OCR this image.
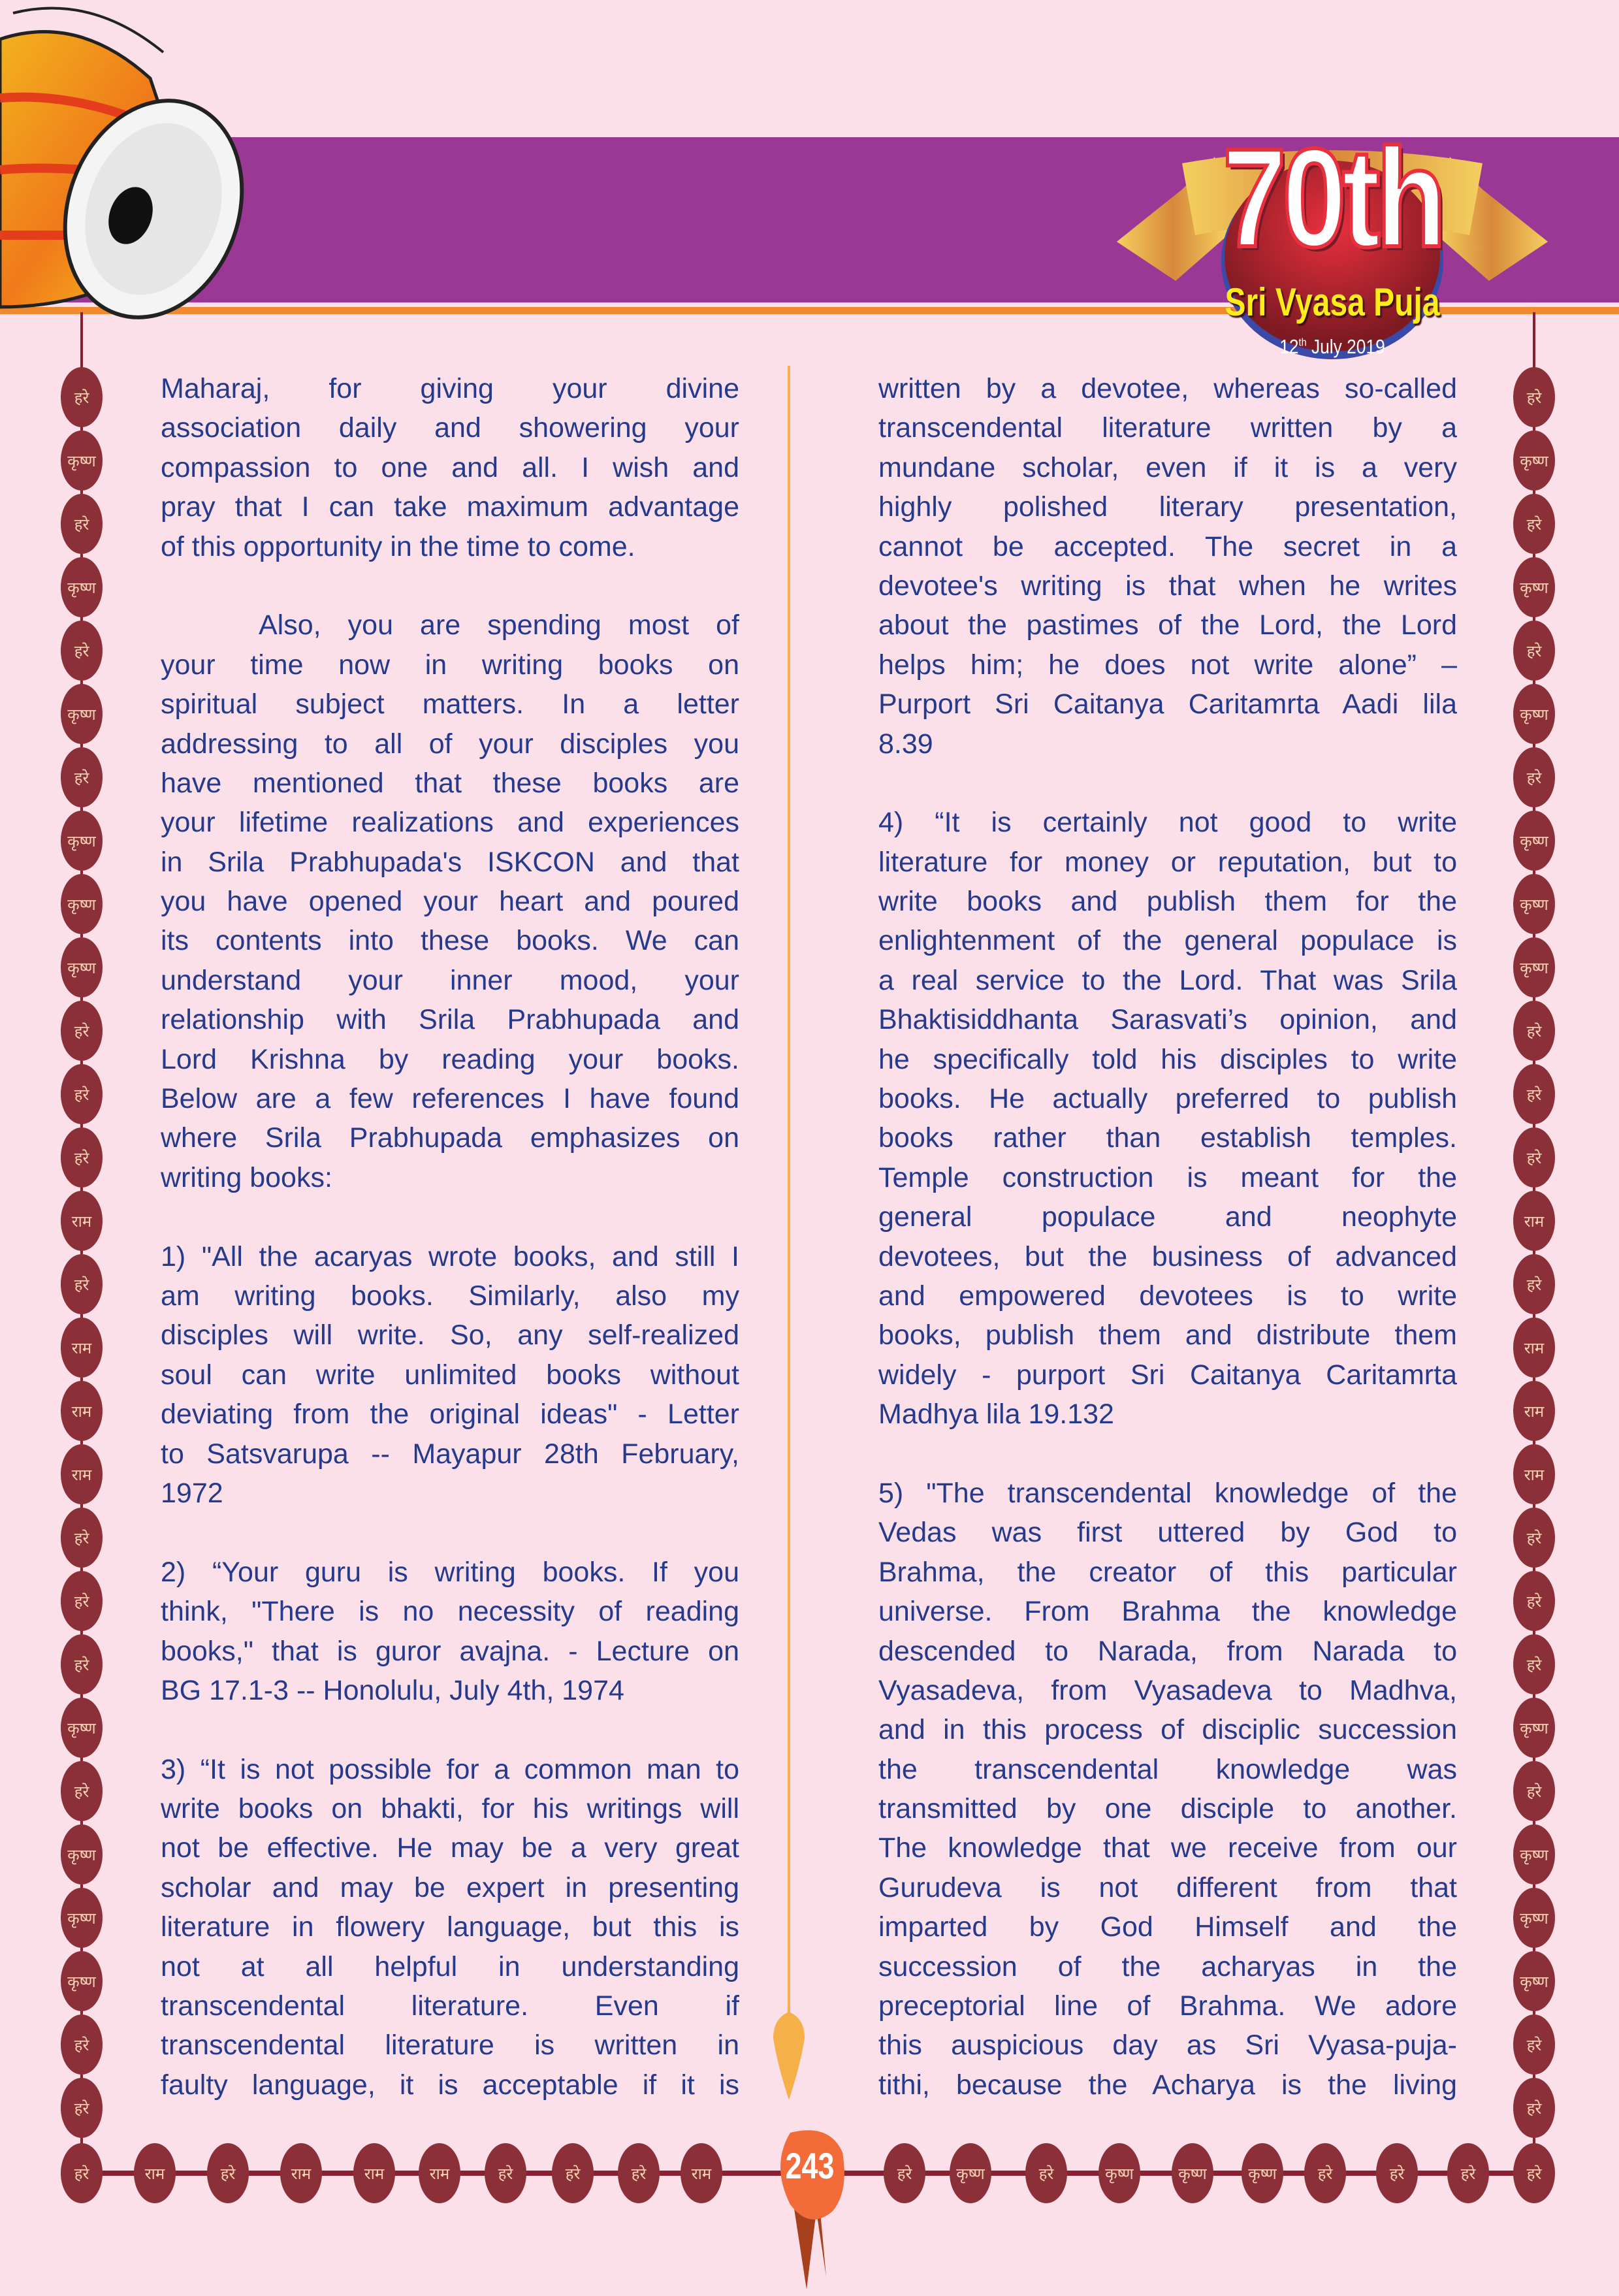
70th
Sri Vyasa Puja
12th July 2019
Maharaj, for giving your divine
association daily and showering your
compassion to one and all. I wish and
pray that I can take maximum advantage
of this opportunity in the time to come.
Also, you are spending most of
your time now in writing books on
spiritual subject matters. In a letter
addressing to all of your disciples you
have mentioned that these books are
your lifetime realizations and experiences
in Srila Prabhupada's ISKCON and that
you have opened your heart and poured
its contents into these books. We can
understand your inner mood, your
relationship with Srila Prabhupada and
Lord Krishna by reading your books.
Below are a few references I have found
where Srila Prabhupada emphasizes on
writing books:
1) "All the acaryas wrote books, and still I
am writing books. Similarly, also my
disciples will write. So, any self-realized
soul can write unlimited books without
deviating from the original ideas" - Letter
to Satsvarupa -- Mayapur 28th February,
1972
2) “Your guru is writing books. If you
think, "There is no necessity of reading
books," that is guror avajna. - Lecture on
BG 17.1-3 -- Honolulu, July 4th, 1974
3) “It is not possible for a common man to
write books on bhakti, for his writings will
not be effective. He may be a very great
scholar and may be expert in presenting
literature in flowery language, but this is
not at all helpful in understanding
transcendental literature. Even if
transcendental literature is written in
faulty language, it is acceptable if it is
written by a devotee, whereas so-called
transcendental literature written by a
mundane scholar, even if it is a very
highly polished literary presentation,
cannot be accepted. The secret in a
devotee's writing is that when he writes
about the pastimes of the Lord, the Lord
helps him; he does not write alone” –
Purport Sri Caitanya Caritamrta Aadi lila
8.39
4) “It is certainly not good to write
literature for money or reputation, but to
write books and publish them for the
enlightenment of the general populace is
a real service to the Lord. That was Srila
Bhaktisiddhanta Sarasvati’s opinion, and
he specifically told his disciples to write
books. He actually preferred to publish
books rather than establish temples.
Temple construction is meant for the
general populace and neophyte
devotees, but the business of advanced
and empowered devotees is to write
books, publish them and distribute them
widely - purport Sri Caitanya Caritamrta
Madhya lila 19.132
5) "The transcendental knowledge of the
Vedas was first uttered by God to
Brahma, the creator of this particular
universe. From Brahma the knowledge
descended to Narada, from Narada to
Vyasadeva, from Vyasadeva to Madhva,
and in this process of disciplic succession
the transcendental knowledge was
transmitted by one disciple to another.
The knowledge that we receive from our
Gurudeva is not different from that
imparted by God Himself and the
succession of the acharyas in the
preceptorial line of Brahma. We adore
this auspicious day as Sri Vyasa-puja-
tithi, because the Acharya is the living
हरे
कृष्ण
हरे
कृष्ण
हरे
कृष्ण
हरे
कृष्ण
कृष्ण
कृष्ण
हरे
हरे
हरे
राम
हरे
राम
राम
राम
हरे
हरे
हरे
कृष्ण
हरे
कृष्ण
कृष्ण
कृष्ण
हरे
हरे
हरे
कृष्ण
हरे
कृष्ण
हरे
कृष्ण
हरे
कृष्ण
कृष्ण
कृष्ण
हरे
हरे
हरे
राम
हरे
राम
राम
राम
हरे
हरे
हरे
कृष्ण
हरे
कृष्ण
कृष्ण
कृष्ण
हरे
हरे
हरे	राम	हरे	राम	राम	राम	हरे	हरे	हरे	राम	हरे	कृष्ण	हरे	कृष्ण	कृष्ण	कृष्ण	हरे	हरे	हरे	हरे
243
